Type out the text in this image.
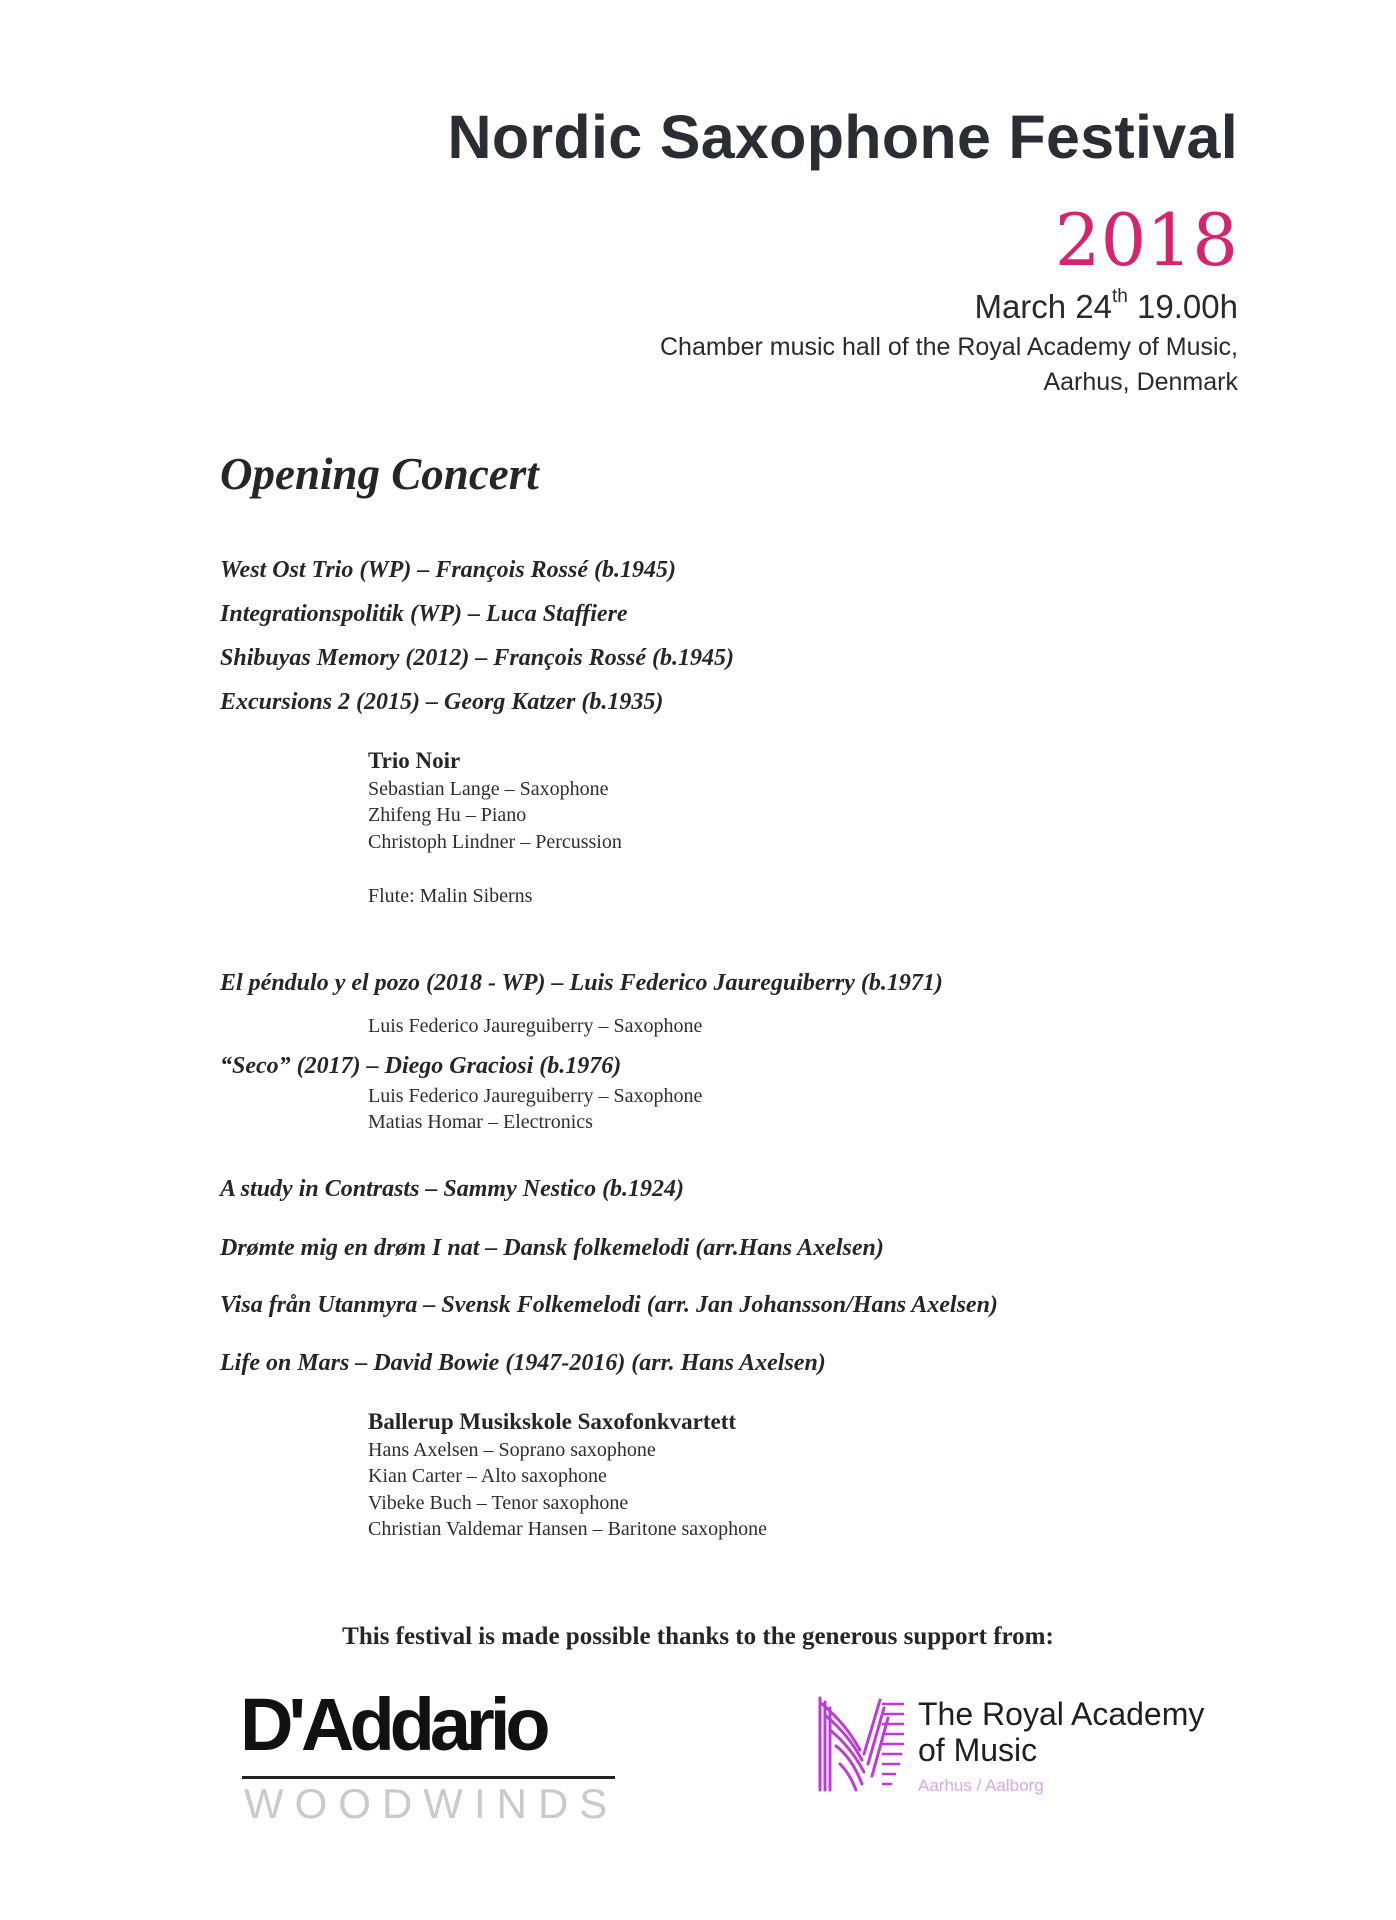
Nordic Saxophone Festival
2018
March 24th 19.00h
Chamber music hall of the Royal Academy of Music,
Aarhus, Denmark
Opening Concert
West Ost Trio (WP) – François Rossé (b.1945)
Integrationspolitik (WP) – Luca Staffiere
Shibuyas Memory (2012) – François Rossé (b.1945)
Excursions 2 (2015) – Georg Katzer (b.1935)
Trio Noir
Sebastian Lange – Saxophone
Zhifeng Hu – Piano
Christoph Lindner – Percussion
Flute: Malin Siberns
El péndulo y el pozo (2018 - WP) – Luis Federico Jaureguiberry (b.1971)
Luis Federico Jaureguiberry – Saxophone
“Seco” (2017) – Diego Graciosi (b.1976)
Luis Federico Jaureguiberry – Saxophone
Matias Homar – Electronics
A study in Contrasts – Sammy Nestico (b.1924)
Drømte mig en drøm I nat – Dansk folkemelodi (arr.Hans Axelsen)
Visa från Utanmyra – Svensk Folkemelodi (arr. Jan Johansson/Hans Axelsen)
Life on Mars – David Bowie (1947-2016) (arr. Hans Axelsen)
Ballerup Musikskole Saxofonkvartett
Hans Axelsen – Soprano saxophone
Kian Carter – Alto saxophone
Vibeke Buch – Tenor saxophone
Christian Valdemar Hansen – Baritone saxophone
This festival is made possible thanks to the generous support from:
D'Addario
WOODWINDS
The Royal Academy
of Music
Aarhus / Aalborg
